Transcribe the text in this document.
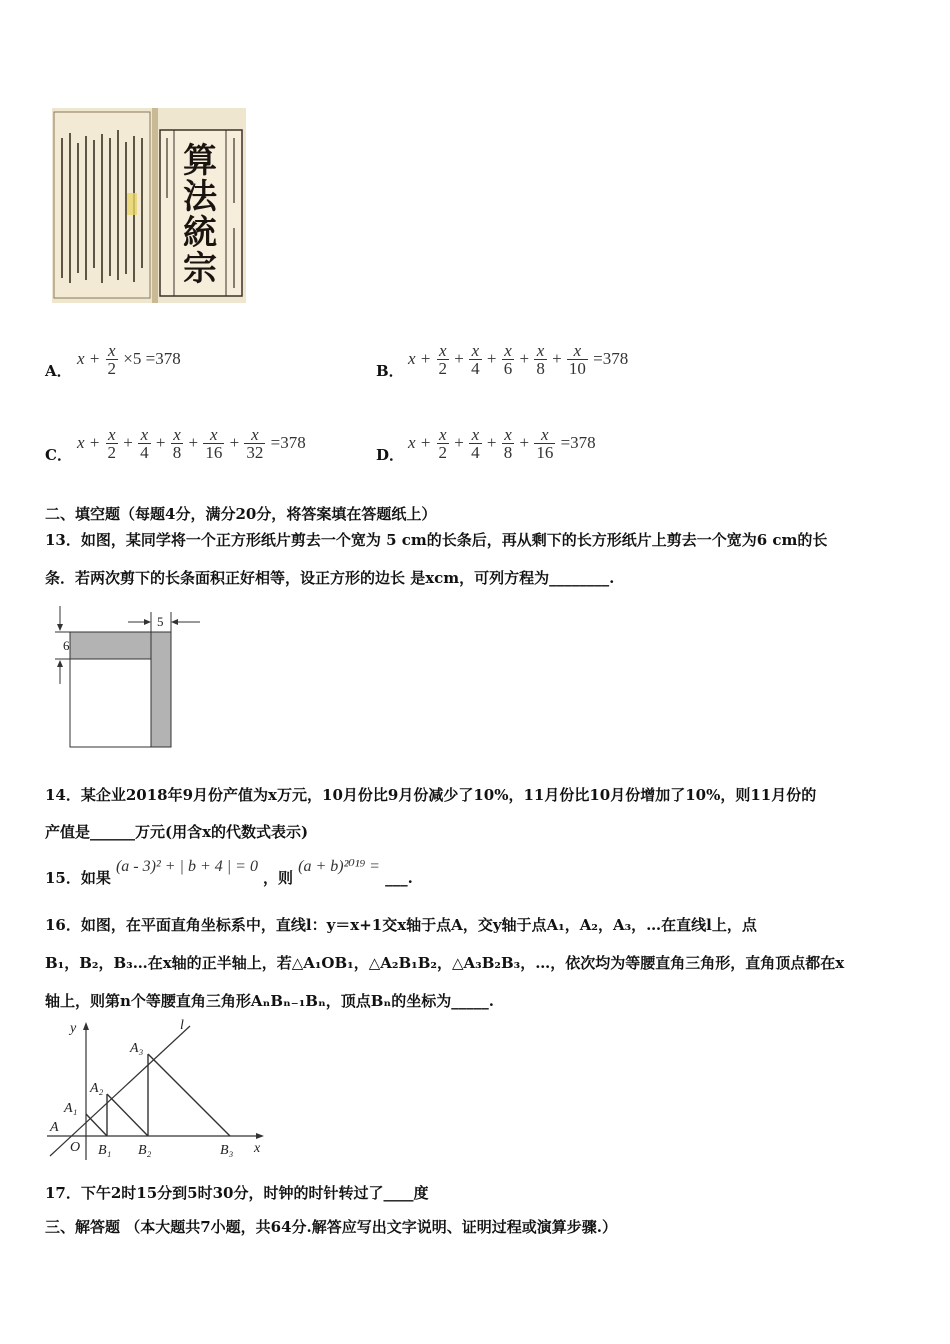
算
法
統
宗
A．
$x + \frac{x}{2} \times 5 =378$
B．
$x + \frac{x}{2} + \frac{x}{4} + \frac{x}{6} + \frac{x}{8} + \frac{x}{10} =378$
C．
$x + \frac{x}{2} + \frac{x}{4} + \frac{x}{8} + \frac{x}{16} + \frac{x}{32} =378$
D．
$x + \frac{x}{2} + \frac{x}{4} + \frac{x}{8} + \frac{x}{16} =378$
二、填空题（每题4分，满分20分，将答案填在答题纸上）
13．如图，某同学将一个正方形纸片剪去一个宽为 5 cm的长条后，再从剩下的长方形纸片上剪去一个宽为6 cm的长
条．若两次剪下的长条面积正好相等，设正方形的边长 是xcm，可列方程为________.
6
5
14．某企业2018年9月份产值为x万元，10月份比9月份减少了10%，11月份比10月份增加了10%，则11月份的
产值是______万元(用含x的代数式表示)
15．如果 (a - 3)² + | b + 4 | = 0 ，则 (a + b)²⁰¹⁹ = ___.
16．如图，在平面直角坐标系中，直线l：y＝x+1交x轴于点A，交y轴于点A₁，A₂，A₃，…在直线l上，点
B₁，B₂，B₃…在x轴的正半轴上，若△A₁OB₁，△A₂B₁B₂，△A₃B₂B₃，…，依次均为等腰直角三角形，直角顶点都在x
轴上，则第n个等腰直角三角形AₙBₙ₋₁Bₙ，顶点Bₙ的坐标为_____.
y	l
x
O
A
A₁
A₂
A₃
B₁ B₂	B₃
17．下午2时15分到5时30分，时钟的时针转过了____度
三、解答题 （本大题共7小题，共64分.解答应写出文字说明、证明过程或演算步骤.）
